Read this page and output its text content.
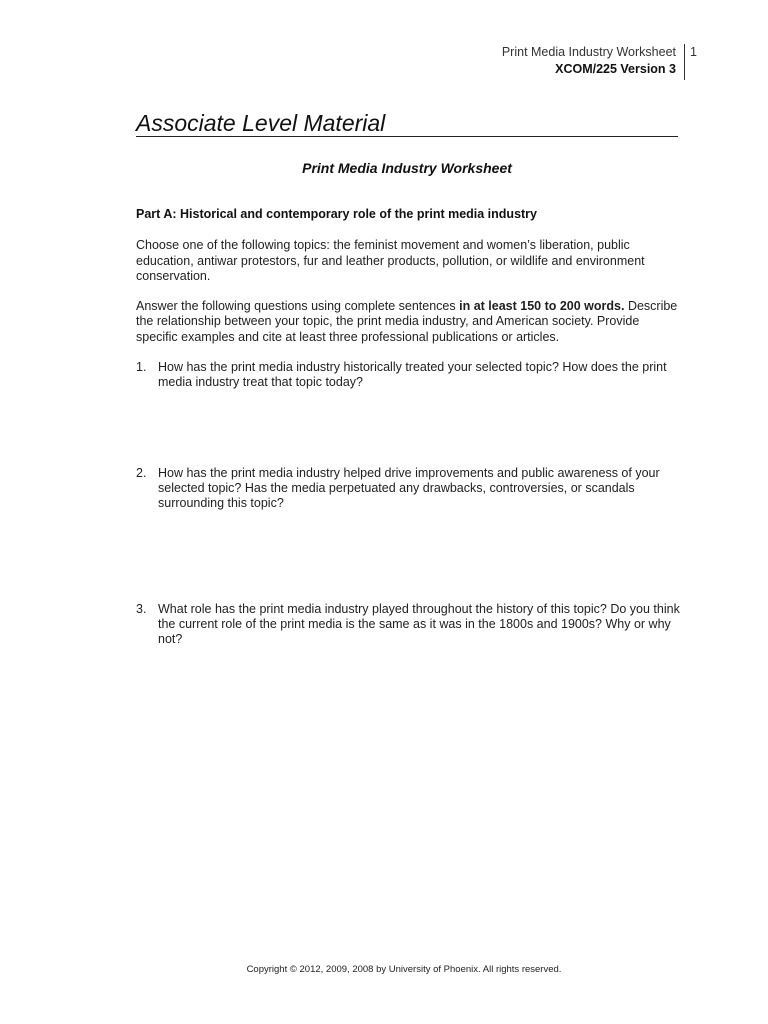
Print Media Industry Worksheet
XCOM/225 Version 3
1
Associate Level Material
Print Media Industry Worksheet
Part A: Historical and contemporary role of the print media industry

Choose one of the following topics: the feminist movement and women’s liberation, public education, antiwar protestors, fur and leather products, pollution, or wildlife and environment conservation.

Answer the following questions using complete sentences in at least 150 to 200 words. Describe the relationship between your topic, the print media industry, and American society. Provide specific examples and cite at least three professional publications or articles.

1. How has the print media industry historically treated your selected topic? How does the print media industry treat that topic today?
2. How has the print media industry helped drive improvements and public awareness of your selected topic? Has the media perpetuated any drawbacks, controversies, or scandals surrounding this topic?
3. What role has the print media industry played throughout the history of this topic? Do you think the current role of the print media is the same as it was in the 1800s and 1900s? Why or why not?
Copyright © 2012, 2009, 2008 by University of Phoenix. All rights reserved.
